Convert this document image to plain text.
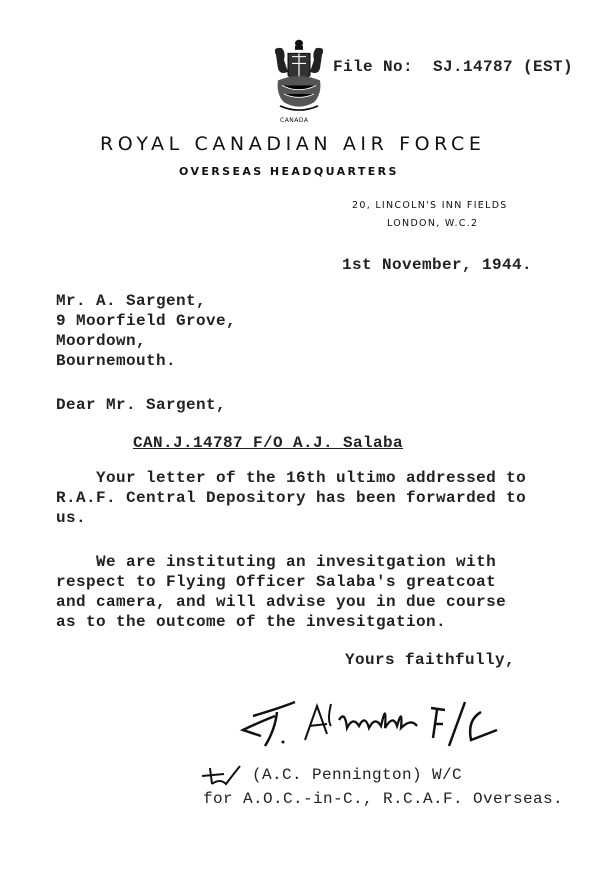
CANADA
File No:  SJ.14787 (EST)
ROYAL CANADIAN AIR FORCE
OVERSEAS HEADQUARTERS
20, LINCOLN'S INN FIELDS
LONDON, W.C.2
1st November, 1944.
Mr. A. Sargent,
9 Moorfield Grove,
Moordown,
Bournemouth.
Dear Mr. Sargent,
CAN.J.14787 F/O A.J. Salaba
Your letter of the 16th ultimo addressed to
R.A.F. Central Depository has been forwarded to
us.
We are instituting an invesitgation with
respect to Flying Officer Salaba's greatcoat
and camera, and will advise you in due course
as to the outcome of the invesitgation.
Yours faithfully,
(A.C. Pennington) W/C
for A.O.C.-in-C., R.C.A.F. Overseas.
